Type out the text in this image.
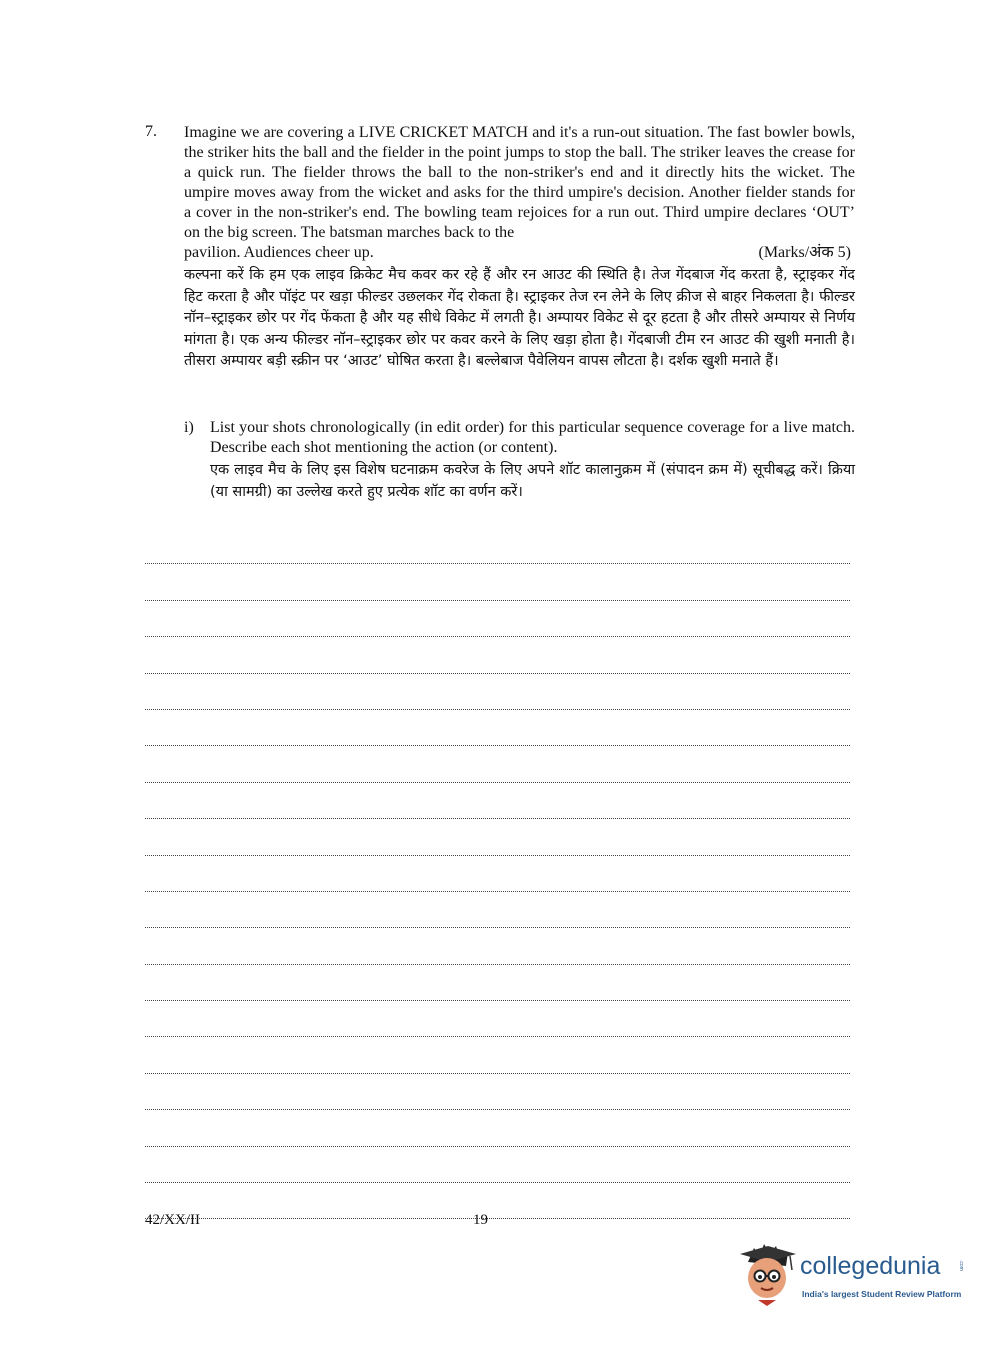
7. Imagine we are covering a LIVE CRICKET MATCH and it's a run-out situation. The fast bowler bowls, the striker hits the ball and the fielder in the point jumps to stop the ball. The striker leaves the crease for a quick run. The fielder throws the ball to the non-striker's end and it directly hits the wicket. The umpire moves away from the wicket and asks for the third umpire's decision. Another fielder stands for a cover in the non-striker's end. The bowling team rejoices for a run out. Third umpire declares ‘OUT’ on the big screen. The batsman marches back to the

pavilion. Audiences cheer up.	(Marks/अंक 5)

कल्पना करें कि हम एक लाइव क्रिकेट मैच कवर कर रहे हैं और रन आउट की स्थिति है। तेज गेंदबाज गेंद करता है, स्ट्राइकर गेंद हिट करता है और पॉइंट पर खड़ा फील्डर उछलकर गेंद रोकता है। स्ट्राइकर तेज रन लेने के लिए क्रीज से बाहर निकलता है। फील्डर नॉन–स्ट्राइकर छोर पर गेंद फेंकता है और यह सीधे विकेट में लगती है। अम्पायर विकेट से दूर हटता है और तीसरे अम्पायर से निर्णय मांगता है। एक अन्य फील्डर नॉन–स्ट्राइकर छोर पर कवर करने के लिए खड़ा होता है। गेंदबाजी टीम रन आउट की खुशी मनाती है। तीसरा अम्पायर बड़ी स्क्रीन पर ‘आउट’ घोषित करता है। बल्लेबाज पैवेलियन वापस लौटता है। दर्शक खुशी मनाते हैं।

i)	List your shots chronologically (in edit order) for this particular sequence coverage for a live match. Describe each shot mentioning the action (or content).

एक लाइव मैच के लिए इस विशेष घटनाक्रम कवरेज के लिए अपने शॉट कालानुक्रम में (संपादन क्रम में) सूचीबद्ध करें। क्रिया (या सामग्री) का उल्लेख करते हुए प्रत्येक शॉट का वर्णन करें।

42/XX/II	19
collegedunia	.com
India's largest Student Review Platform
